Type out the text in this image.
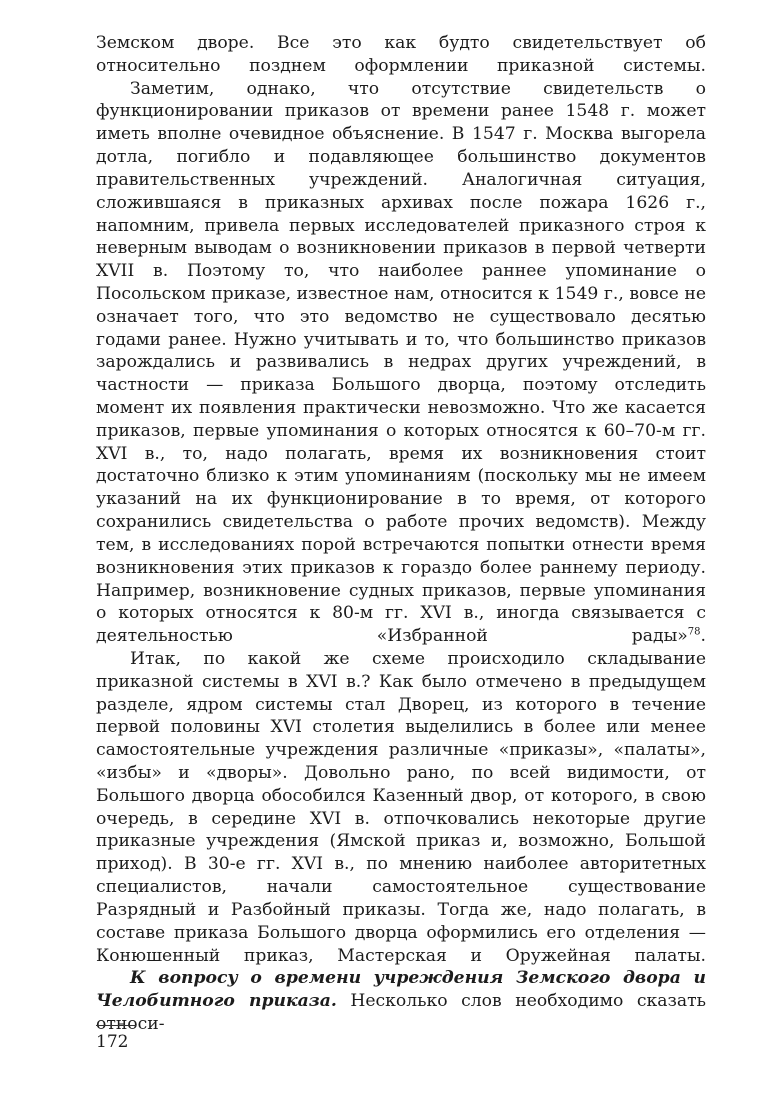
Земском дворе. Все это как будто свидетельствует об относительно позднем оформлении приказной системы.

Заметим, однако, что отсутствие свидетельств о функционировании приказов от времени ранее 1548 г. может иметь вполне очевидное объяснение. В 1547 г. Москва выгорела дотла, погибло и подавляющее большинство документов правительственных учреждений. Аналогичная ситуация, сложившаяся в приказных архивах после пожара 1626 г., напомним, привела первых исследователей приказного строя к неверным выводам о возникновении приказов в первой четверти XVII в. Поэтому то, что наиболее раннее упоминание о Посольском приказе, известное нам, относится к 1549 г., вовсе не означает того, что это ведомство не существовало десятью годами ранее. Нужно учитывать и то, что большинство приказов зарождались и развивались в недрах других учреждений, в частности — приказа Большого дворца, поэтому отследить момент их появления практически невозможно. Что же касается приказов, первые упоминания о которых относятся к 60–70-м гг. XVI в., то, надо полагать, время их возникновения стоит достаточно близко к этим упоминаниям (поскольку мы не имеем указаний на их функционирование в то время, от которого сохранились свидетельства о работе прочих ведомств). Между тем, в исследованиях порой встречаются попытки отнести время возникновения этих приказов к гораздо более раннему периоду. Например, возникновение судных приказов, первые упоминания о которых относятся к 80-м гг. XVI в., иногда связывается с деятельностью «Избранной рады»$^{78}$.

Итак, по какой же схеме происходило складывание приказной системы в XVI в.? Как было отмечено в предыдущем разделе, ядром системы стал Дворец, из которого в течение первой половины XVI столетия выделились в более или менее самостоятельные учреждения различные «приказы», «палаты», «избы» и «дворы». Довольно рано, по всей видимости, от Большого дворца обособился Казенный двор, от которого, в свою очередь, в середине XVI в. отпочковались некоторые другие приказные учреждения (Ямской приказ и, возможно, Большой приход). В 30-е гг. XVI в., по мнению наиболее авторитетных специалистов, начали самостоятельное существование Разрядный и Разбойный приказы. Тогда же, надо полагать, в составе приказа Большого дворца оформились его отделения — Конюшенный приказ, Мастерская и Оружейная палаты.

К вопросу о времени учреждения Земского двора и Челобитного приказа. Несколько слов необходимо сказать относи-

172
